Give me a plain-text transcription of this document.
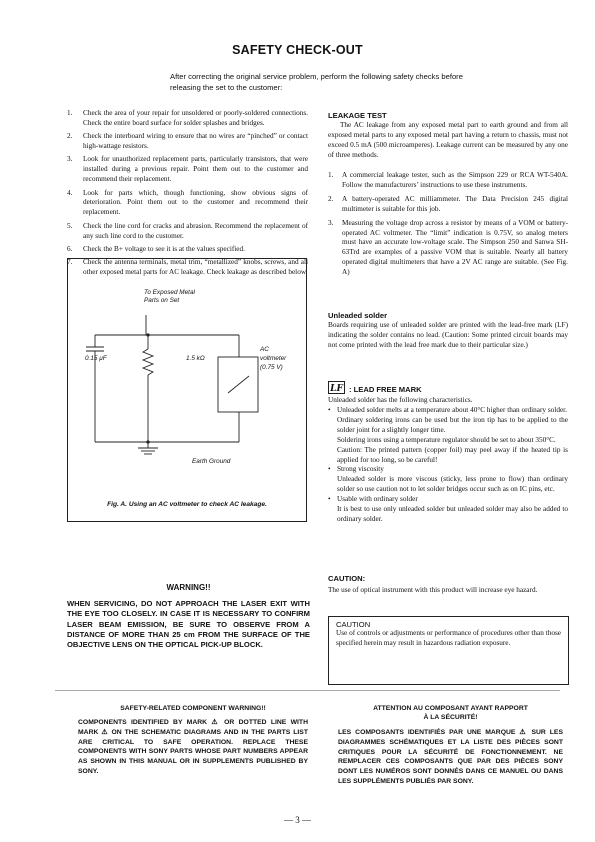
SAFETY CHECK-OUT
After correcting the original service problem, perform the following safety checks before releasing the set to the customer:
1. Check the area of your repair for unsoldered or poorly-soldered connections. Check the entire board surface for solder splashes and bridges.
2. Check the interboard wiring to ensure that no wires are “pinched” or contact high-wattage resistors.
3. Look for unauthorized replacement parts, particularly transistors, that were installed during a previous repair. Point them out to the customer and recommend their replacement.
4. Look for parts which, though functioning, show obvious signs of deterioration. Point them out to the customer and recommend their replacement.
5. Check the line cord for cracks and abrasion. Recommend the replacement of any such line cord to the customer.
6. Check the B+ voltage to see it is at the values specified.
7. Check the antenna terminals, metal trim, “metallized” knobs, screws, and all other exposed metal parts for AC leakage. Check leakage as described below.
To Exposed Metal
Parts on Set
0.15 μF	1.5 kΩ
AC
voltmeter
(0.75 V)
Earth Ground
Fig. A. Using an AC voltmeter to check AC leakage.
WARNING!!
WHEN SERVICING, DO NOT APPROACH THE LASER EXIT WITH THE EYE TOO CLOSELY. IN CASE IT IS NECESSARY TO CONFIRM LASER BEAM EMISSION, BE SURE TO OBSERVE FROM A DISTANCE OF MORE THAN 25 cm FROM THE SURFACE OF THE OBJECTIVE LENS ON THE OPTICAL PICK-UP BLOCK.
LEAKAGE TEST
The AC leakage from any exposed metal part to earth ground and from all exposed metal parts to any exposed metal part having a return to chassis, must not exceed 0.5 mA (500 microamperes). Leakage current can be measured by any one of three methods.
1. A commercial leakage tester, such as the Simpson 229 or RCA WT-540A. Follow the manufacturers’ instructions to use these instruments.
2. A battery-operated AC milliammeter. The Data Precision 245 digital multimeter is suitable for this job.
3. Measuring the voltage drop across a resistor by means of a VOM or battery-operated AC voltmeter. The “limit” indication is 0.75V, so analog meters must have an accurate low-voltage scale. The Simpson 250 and Sanwa SH-63Trd are examples of a passive VOM that is suitable. Nearly all battery operated digital multimeters that have a 2V AC range are suitable. (See Fig. A)
Unleaded solder
Boards requiring use of unleaded solder are printed with the lead-free mark (LF) indicating the solder contains no lead. (Caution: Some printed circuit boards may not come printed with the lead free mark due to their particular size.)
LF : LEAD FREE MARK
Unleaded solder has the following characteristics.
• Unleaded solder melts at a temperature about 40°C higher than ordinary solder.

Ordinary soldering irons can be used but the iron tip has to be applied to the solder joint for a slightly longer time.

Soldering irons using a temperature regulator should be set to about 350°C.

Caution: The printed pattern (copper foil) may peel away if the heated tip is applied for too long, so be careful!

• Strong viscosity

Unleaded solder is more viscous (sticky, less prone to flow) than ordinary solder so use caution not to let solder bridges occur such as on IC pins, etc.

• Usable with ordinary solder

It is best to use only unleaded solder but unleaded solder may also be added to ordinary solder.

CAUTION:
The use of optical instrument with this product will increase eye hazard.
CAUTION
Use of controls or adjustments or performance of procedures other than those specified herein may result in hazardous radiation exposure.
SAFETY-RELATED COMPONENT WARNING!!
COMPONENTS IDENTIFIED BY MARK ⚠ OR DOTTED LINE WITH MARK ⚠ ON THE SCHEMATIC DIAGRAMS AND IN THE PARTS LIST ARE CRITICAL TO SAFE OPERATION. REPLACE THESE COMPONENTS WITH SONY PARTS WHOSE PART NUMBERS APPEAR AS SHOWN IN THIS MANUAL OR IN SUPPLEMENTS PUBLISHED BY SONY.
ATTENTION AU COMPOSANT AYANT RAPPORT
À LA SÉCURITÉ!
LES COMPOSANTS IDENTIFIÉS PAR UNE MARQUE ⚠ SUR LES DIAGRAMMES SCHÉMATIQUES ET LA LISTE DES PIÈCES SONT CRITIQUES POUR LA SÉCURITÉ DE FONCTIONNEMENT. NE REMPLACER CES COMPOSANTS QUE PAR DES PIÈCES SONY DONT LES NUMÉROS SONT DONNÉS DANS CE MANUEL OU DANS LES SUPPLÉMENTS PUBLIÉS PAR SONY.
— 3 —
